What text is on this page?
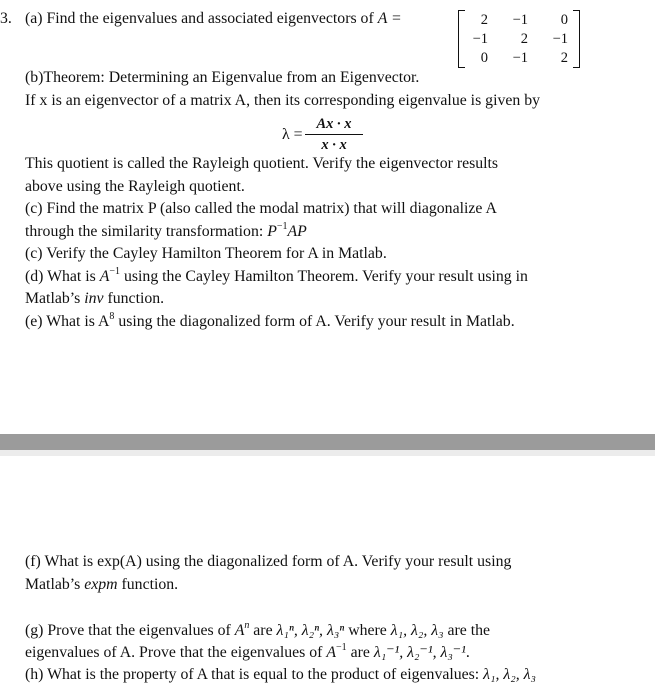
3. (a) Find the eigenvalues and associated eigenvectors of A =	2	−1	0
−1	2	−1
0	−1	2
(b)Theorem: Determining an Eigenvalue from an Eigenvector.
If x is an eigenvector of a matrix A, then its corresponding eigenvalue is given by
λ =
Ax · x
x · x
This quotient is called the Rayleigh quotient. Verify the eigenvector results
above using the Rayleigh quotient.
(c) Find the matrix P (also called the modal matrix) that will diagonalize A
through the similarity transformation: $P^{-1}AP$
(c) Verify the Cayley Hamilton Theorem for A in Matlab.
(d) What is $A^{-1}$ using the Cayley Hamilton Theorem. Verify your result using in
Matlab’s inv function.
(e) What is $A^8$ using the diagonalized form of A. Verify your result in Matlab.
(f) What is exp(A) using the diagonalized form of A. Verify your result using
Matlab’s expm function.
(g) Prove that the eigenvalues of $A^n$ are λ₁ⁿ, λ₂ⁿ, λ₃ⁿ where λ₁, λ₂, λ₃ are the
eigenvalues of A. Prove that the eigenvalues of $A^{-1}$ are λ₁⁻¹, λ₂⁻¹, λ₃⁻¹.
(h) What is the property of A that is equal to the product of eigenvalues: λ₁, λ₂, λ₃
